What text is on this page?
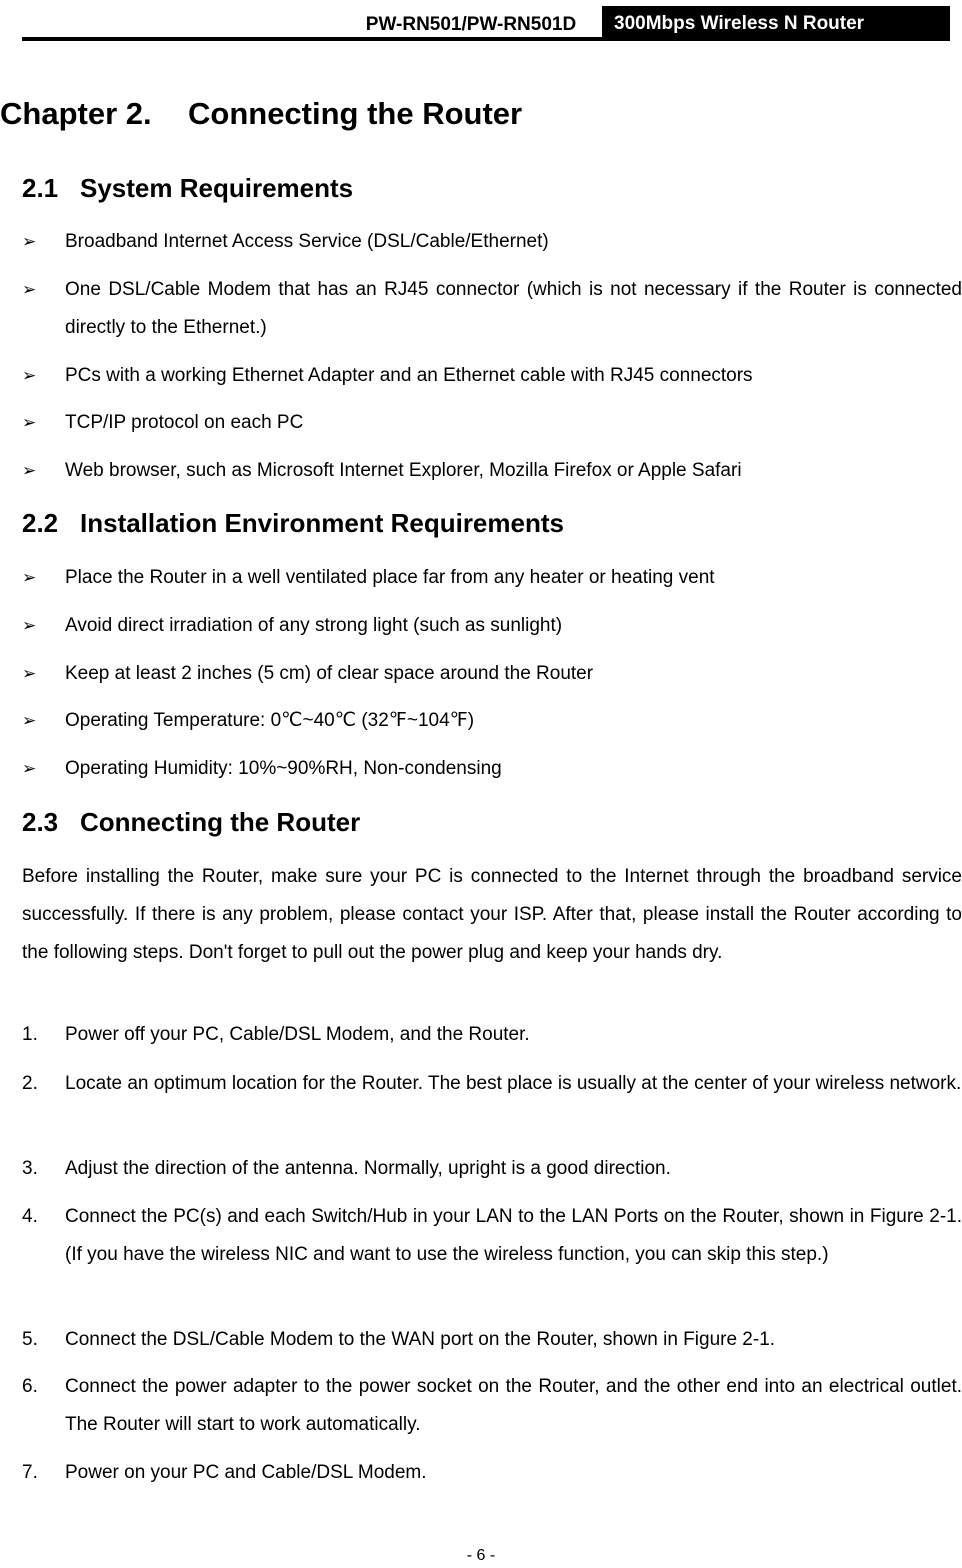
PW-RN501/PW-RN501D	300Mbps Wireless N Router
Chapter 2. Connecting the Router
2.1 System Requirements
➢	Broadband Internet Access Service (DSL/Cable/Ethernet)
➢	One DSL/Cable Modem that has an RJ45 connector (which is not necessary if the Router is connected directly to the Ethernet.)
➢	PCs with a working Ethernet Adapter and an Ethernet cable with RJ45 connectors
➢	TCP/IP protocol on each PC
➢	Web browser, such as Microsoft Internet Explorer, Mozilla Firefox or Apple Safari
2.2 Installation Environment Requirements
➢	Place the Router in a well ventilated place far from any heater or heating vent
➢	Avoid direct irradiation of any strong light (such as sunlight)
➢	Keep at least 2 inches (5 cm) of clear space around the Router
➢	Operating Temperature: 0℃~40℃ (32℉~104℉)
➢	Operating Humidity: 10%~90%RH, Non-condensing
2.3 Connecting the Router
Before installing the Router, make sure your PC is connected to the Internet through the broadband service successfully. If there is any problem, please contact your ISP. After that, please install the Router according to the following steps. Don't forget to pull out the power plug and keep your hands dry.
1. Power off your PC, Cable/DSL Modem, and the Router.
2. Locate an optimum location for the Router. The best place is usually at the center of your wireless network.
3. Adjust the direction of the antenna. Normally, upright is a good direction.
4. Connect the PC(s) and each Switch/Hub in your LAN to the LAN Ports on the Router, shown in Figure 2-1. (If you have the wireless NIC and want to use the wireless function, you can skip this step.)
5. Connect the DSL/Cable Modem to the WAN port on the Router, shown in Figure 2-1.
6. Connect the power adapter to the power socket on the Router, and the other end into an electrical outlet. The Router will start to work automatically.
7. Power on your PC and Cable/DSL Modem.
- 6 -
